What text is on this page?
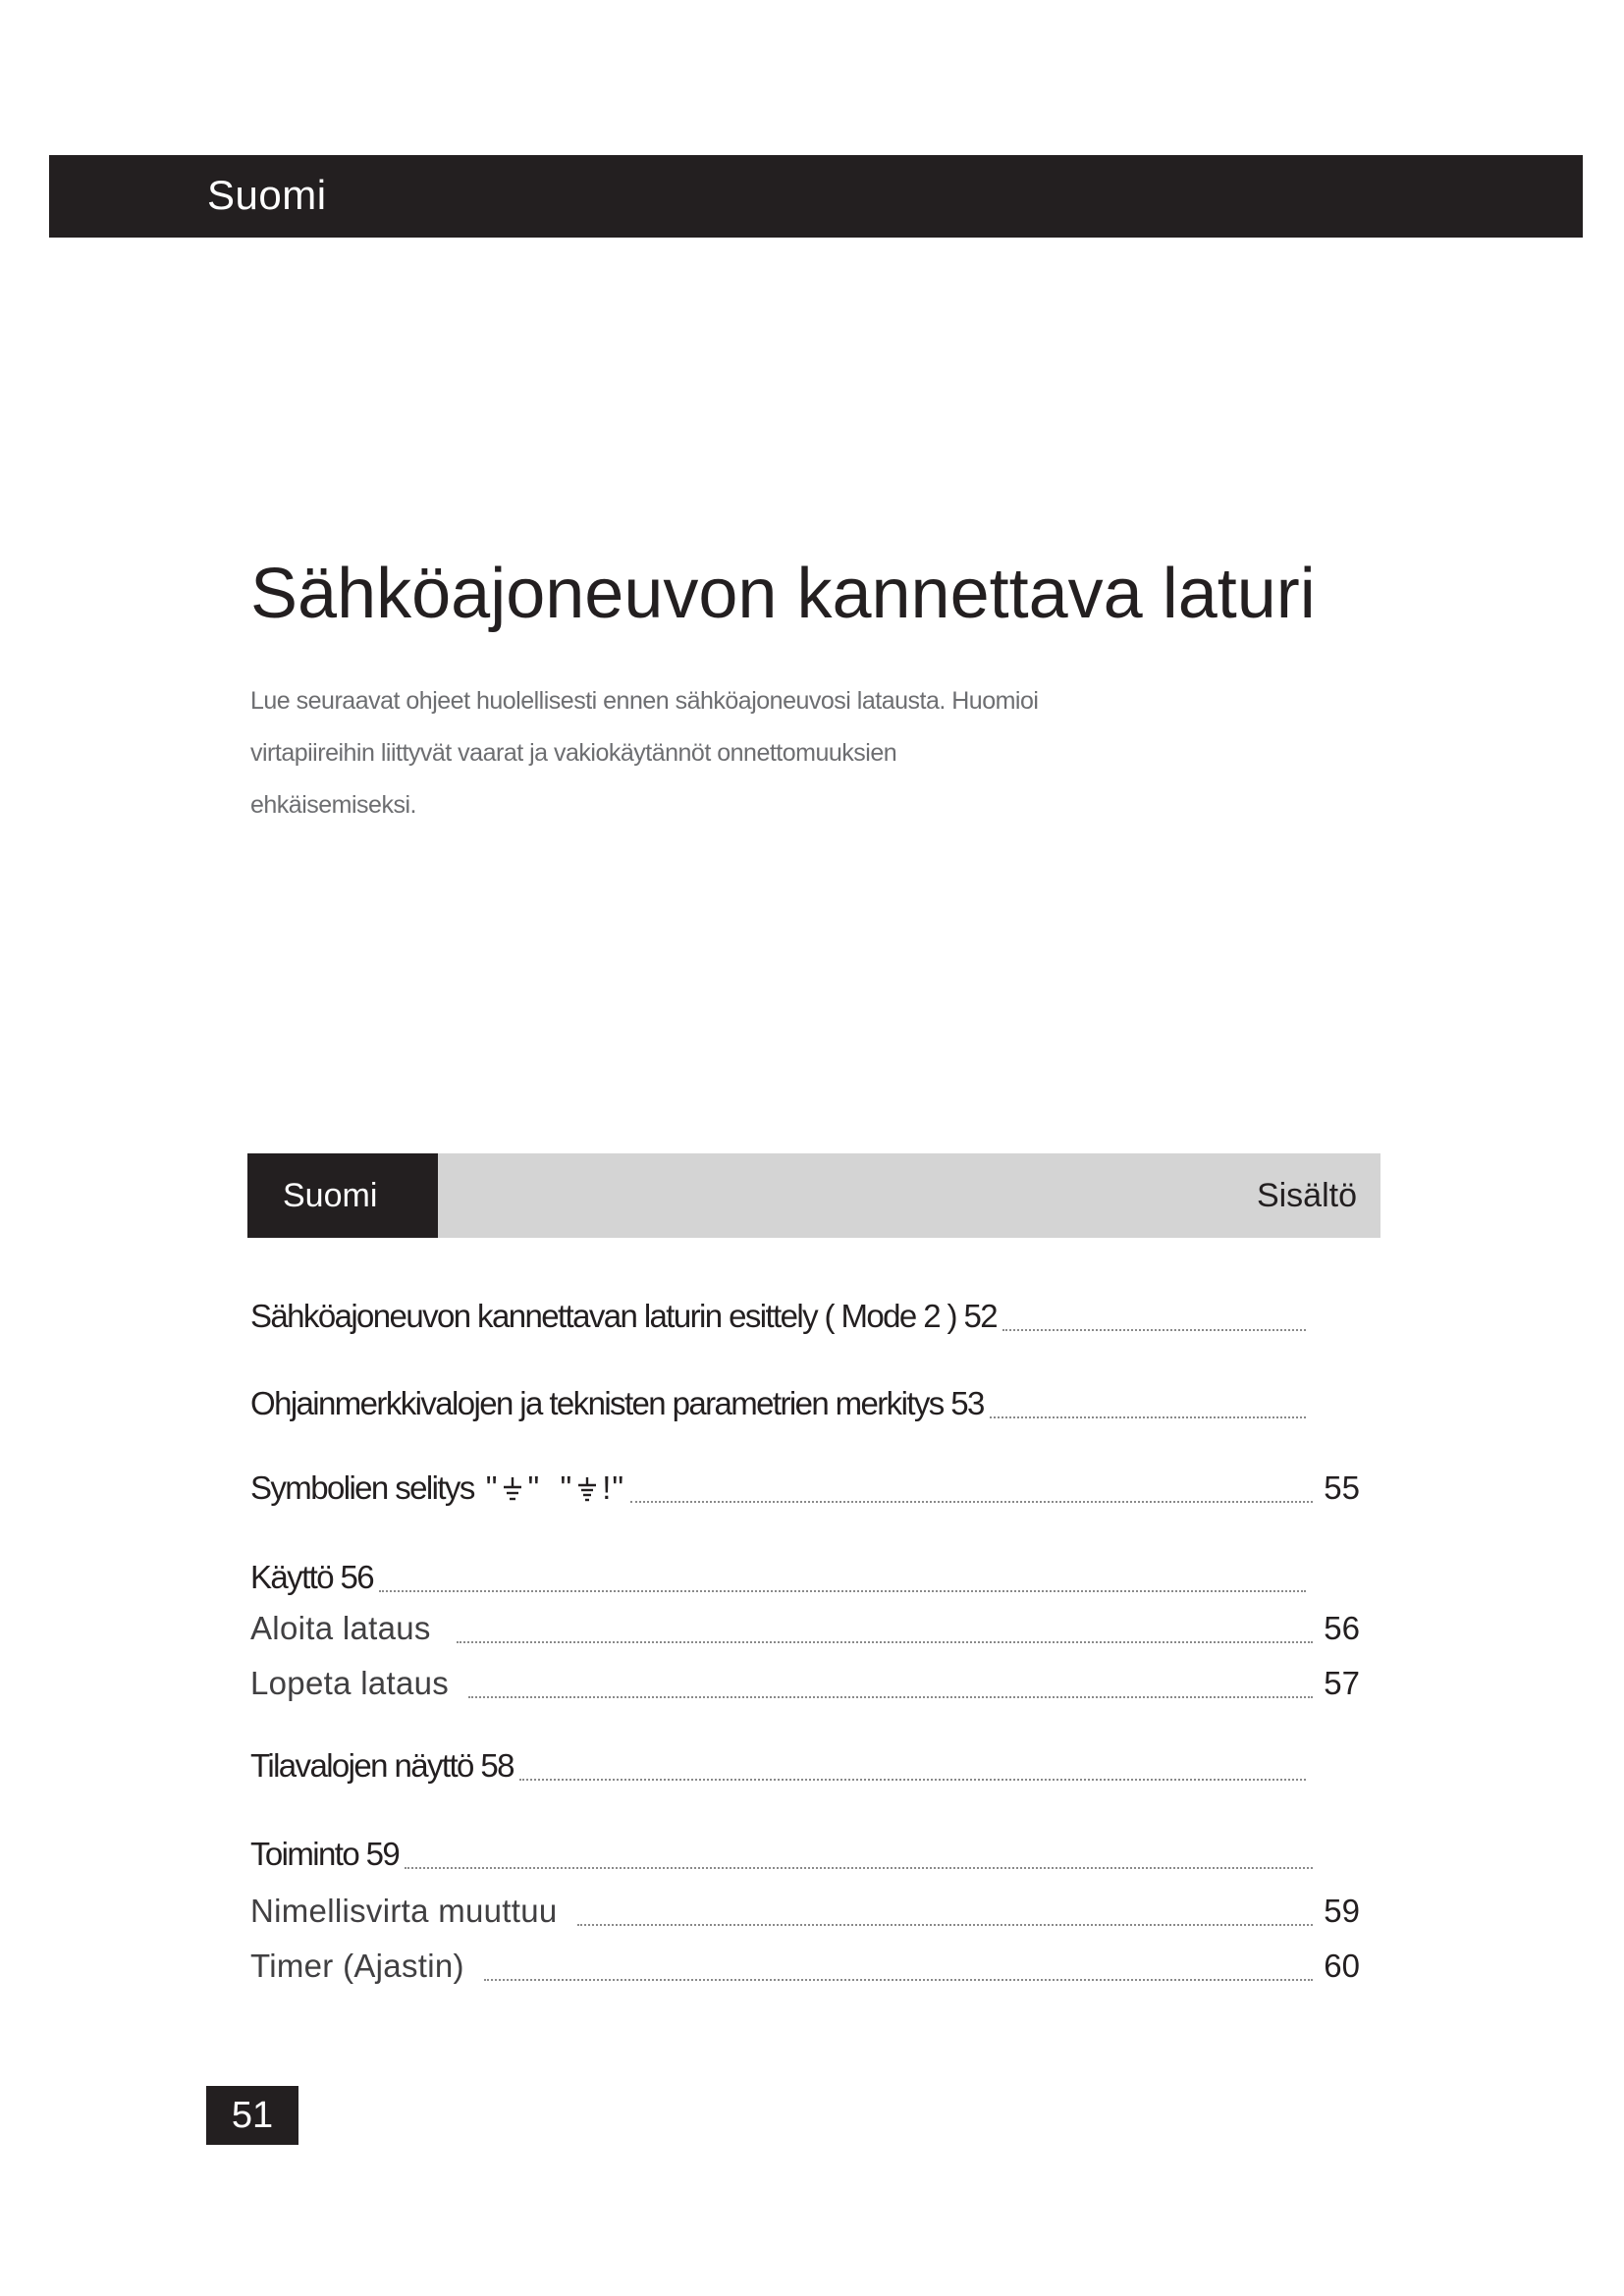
Suomi
Sähköajoneuvon kannettava laturi
Lue seuraavat ohjeet huolellisesti ennen sähköajoneuvosi latausta. Huomioi
virtapiireihin liittyvät vaarat ja vakiokäytännöt onnettomuuksien
ehkäisemiseksi.
Suomi	Sisältö
Sähköajoneuvon kannettavan laturin esittely ( Mode 2 ) 52
Ohjainmerkkivalojen ja teknisten parametrien merkitys 53
Symbolien selitys " "  " !"	55
Käyttö 56
Aloita lataus	56
Lopeta lataus	57
Tilavalojen näyttö 58
Toiminto 59
Nimellisvirta muuttuu	59
Timer (Ajastin)	60
51
